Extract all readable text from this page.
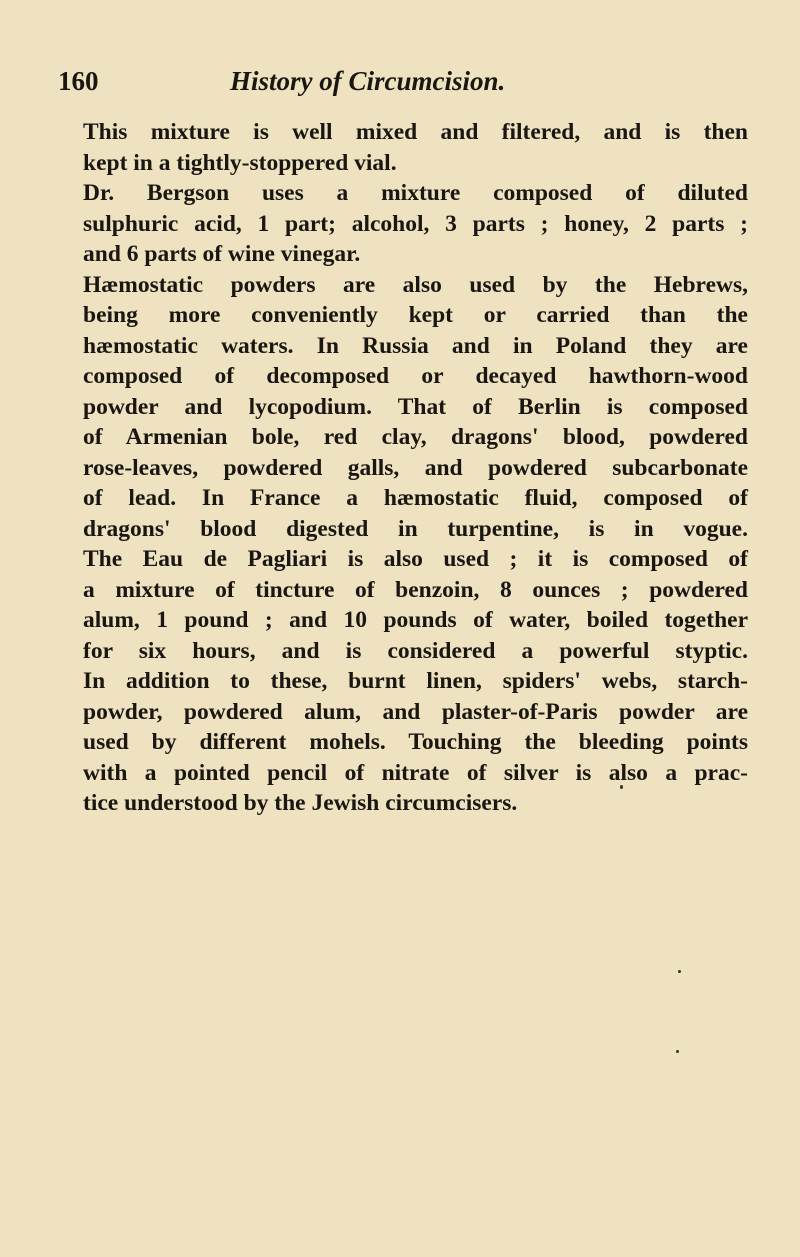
160	History of Circumcision.

This mixture is well mixed and filtered, and is then
kept in a tightly-stoppered vial.

Dr. Bergson uses a mixture composed of diluted
sulphuric acid, 1 part; alcohol, 3 parts ; honey, 2 parts ;
and 6 parts of wine vinegar.

Hæmostatic powders are also used by the Hebrews,
being more conveniently kept or carried than the
hæmostatic waters. In Russia and in Poland they are
composed of decomposed or decayed hawthorn-wood
powder and lycopodium. That of Berlin is composed
of Armenian bole, red clay, dragons' blood, powdered
rose-leaves, powdered galls, and powdered subcarbonate
of lead. In France a hæmostatic fluid, composed of
dragons' blood digested in turpentine, is in vogue.
The Eau de Pagliari is also used ; it is composed of
a mixture of tincture of benzoin, 8 ounces ; powdered
alum, 1 pound ; and 10 pounds of water, boiled together
for six hours, and is considered a powerful styptic.
In addition to these, burnt linen, spiders' webs, starch-
powder, powdered alum, and plaster-of-Paris powder are
used by different mohels. Touching the bleeding points
with a pointed pencil of nitrate of silver is also a prac-
tice understood by the Jewish circumcisers.
